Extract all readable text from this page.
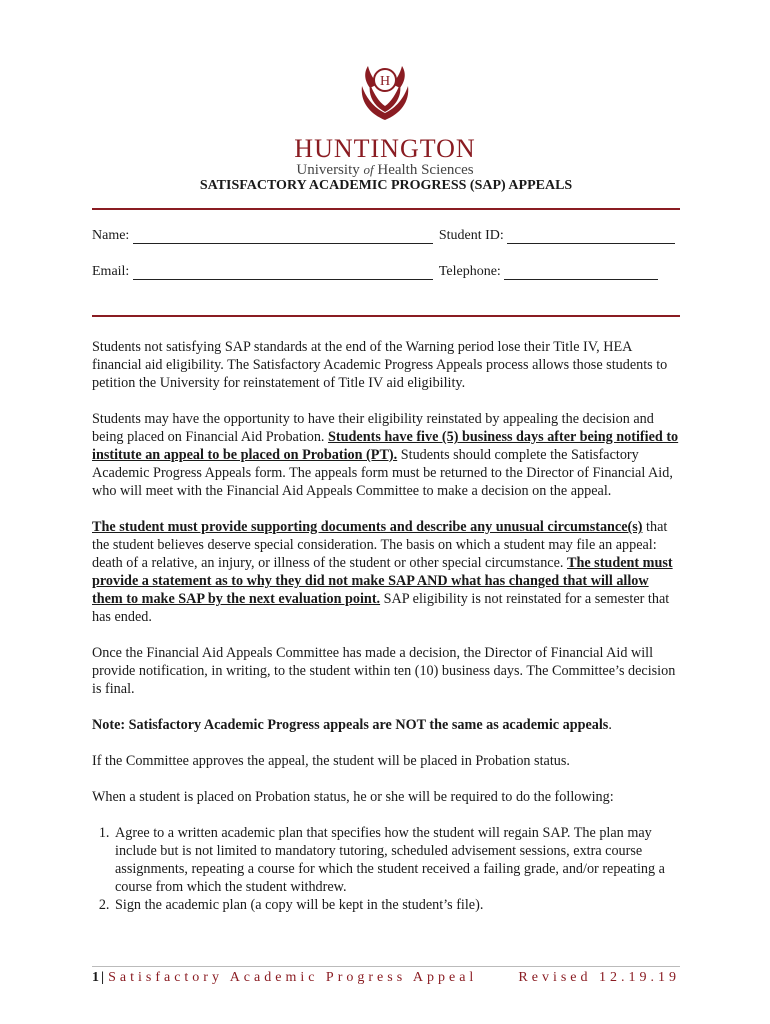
H
HUNTINGTON
University of Health Sciences
SATISFACTORY ACADEMIC PROGRESS (SAP) APPEALS
Name:	Student ID:
Email:	Telephone:

Students not satisfying SAP standards at the end of the Warning period lose their Title IV, HEA financial aid eligibility. The Satisfactory Academic Progress Appeals process allows those students to petition the University for reinstatement of Title IV aid eligibility.

Students may have the opportunity to have their eligibility reinstated by appealing the decision and being placed on Financial Aid Probation. Students have five (5) business days after being notified to institute an appeal to be placed on Probation (PT). Students should complete the Satisfactory Academic Progress Appeals form. The appeals form must be returned to the Director of Financial Aid, who will meet with the Financial Aid Appeals Committee to make a decision on the appeal.

The student must provide supporting documents and describe any unusual circumstance(s) that the student believes deserve special consideration. The basis on which a student may file an appeal: death of a relative, an injury, or illness of the student or other special circumstance. The student must provide a statement as to why they did not make SAP AND what has changed that will allow them to make SAP by the next evaluation point. SAP eligibility is not reinstated for a semester that has ended.

Once the Financial Aid Appeals Committee has made a decision, the Director of Financial Aid will provide notification, in writing, to the student within ten (10) business days. The Committee’s decision is final.

Note: Satisfactory Academic Progress appeals are NOT the same as academic appeals.

If the Committee approves the appeal, the student will be placed in Probation status.

When a student is placed on Probation status, he or she will be required to do the following:

1. Agree to a written academic plan that specifies how the student will regain SAP. The plan may include but is not limited to mandatory tutoring, scheduled advisement sessions, extra course assignments, repeating a course for which the student received a failing grade, and/or repeating a course from which the student withdrew.
2. Sign the academic plan (a copy will be kept in the student’s file).
1 | Satisfactory Academic Progress Appeal	Revised 12.19.19
